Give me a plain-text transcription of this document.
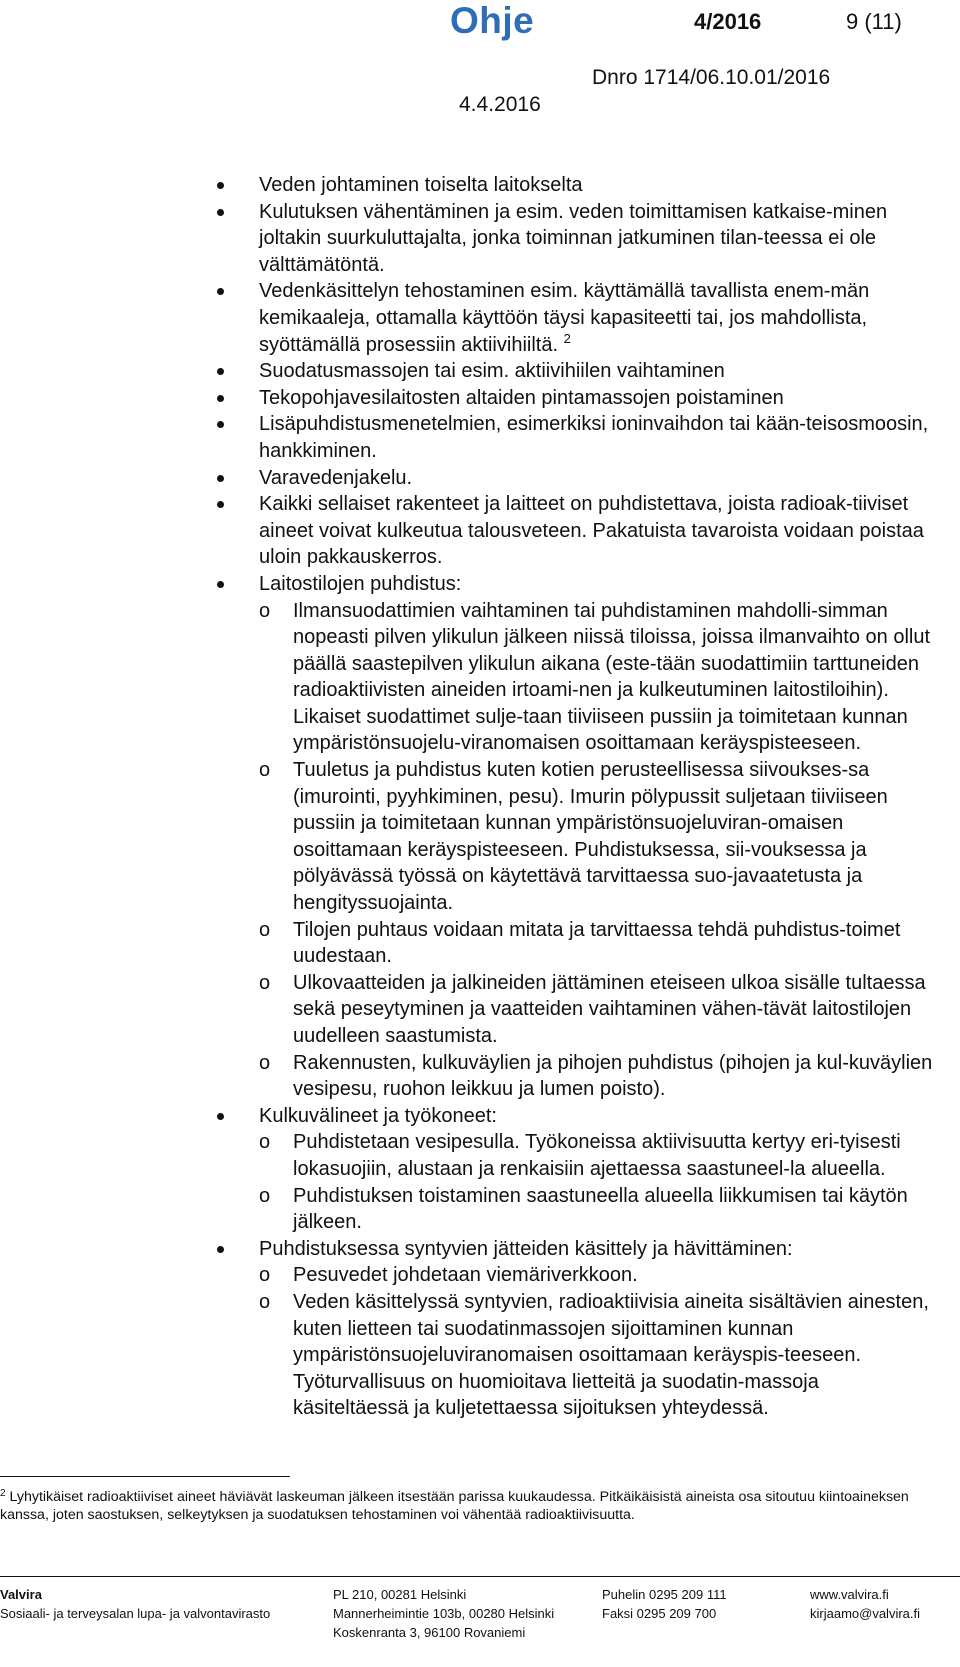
Ohje	4/2016	9 (11)
Dnro 1714/06.10.01/2016
4.4.2016
Veden johtaminen toiselta laitokselta
Kulutuksen vähentäminen ja esim. veden toimittamisen katkaise-minen joltakin suurkuluttajalta, jonka toiminnan jatkuminen tilan-teessa ei ole välttämätöntä.
Vedenkäsittelyn tehostaminen esim. käyttämällä tavallista enem-män kemikaaleja, ottamalla käyttöön täysi kapasiteetti tai, jos mahdollista, syöttämällä prosessiin aktiivihiiltä. $^2$
Suodatusmassojen tai esim. aktiivihiilen vaihtaminen
Tekopohjavesilaitosten altaiden pintamassojen poistaminen
Lisäpuhdistusmenetelmien, esimerkiksi ioninvaihdon tai kään-teisosmoosin, hankkiminen.
Varavedenjakelu.
Kaikki sellaiset rakenteet ja laitteet on puhdistettava, joista radioak-tiiviset aineet voivat kulkeutua talousveteen. Pakatuista tavaroista voidaan poistaa uloin pakkauskerros.
Laitostilojen puhdistus:
o	Ilmansuodattimien vaihtaminen tai puhdistaminen mahdolli-simman nopeasti pilven ylikulun jälkeen niissä tiloissa, joissa ilmanvaihto on ollut päällä saastepilven ylikulun aikana (este-tään suodattimiin tarttuneiden radioaktiivisten aineiden irtoami-nen ja kulkeutuminen laitostiloihin). Likaiset suodattimet sulje-taan tiiviiseen pussiin ja toimitetaan kunnan ympäristönsuojelu-viranomaisen osoittamaan keräyspisteeseen.
o	Tuuletus ja puhdistus kuten kotien perusteellisessa siivoukses-sa (imurointi, pyyhkiminen, pesu). Imurin pölypussit suljetaan tiiviiseen pussiin ja toimitetaan kunnan ympäristönsuojeluviran-omaisen osoittamaan keräyspisteeseen. Puhdistuksessa, sii-vouksessa ja pölyävässä työssä on käytettävä tarvittaessa suo-javaatetusta ja hengityssuojainta.
o	Tilojen puhtaus voidaan mitata ja tarvittaessa tehdä puhdistus-toimet uudestaan.
o	Ulkovaatteiden ja jalkineiden jättäminen eteiseen ulkoa sisälle tultaessa sekä peseytyminen ja vaatteiden vaihtaminen vähen-tävät laitostilojen uudelleen saastumista.
o	Rakennusten, kulkuväylien ja pihojen puhdistus (pihojen ja kul-kuväylien vesipesu, ruohon leikkuu ja lumen poisto).
Kulkuvälineet ja työkoneet:
o	Puhdistetaan vesipesulla. Työkoneissa aktiivisuutta kertyy eri-tyisesti lokasuojiin, alustaan ja renkaisiin ajettaessa saastuneel-la alueella.
o	Puhdistuksen toistaminen saastuneella alueella liikkumisen tai käytön jälkeen.
Puhdistuksessa syntyvien jätteiden käsittely ja hävittäminen:
o	Pesuvedet johdetaan viemäriverkkoon.
o	Veden käsittelyssä syntyvien, radioaktiivisia aineita sisältävien ainesten, kuten lietteen tai suodatinmassojen sijoittaminen kunnan ympäristönsuojeluviranomaisen osoittamaan keräyspis-teeseen. Työturvallisuus on huomioitava lietteitä ja suodatin-massoja käsiteltäessä ja kuljetettaessa sijoituksen yhteydessä.
$^2$ Lyhytikäiset radioaktiiviset aineet häviävät laskeuman jälkeen itsestään parissa kuukaudessa. Pitkäikäisistä aineista osa sitoutuu kiintoaineksen kanssa, joten saostuksen, selkeytyksen ja suodatuksen tehostaminen voi vähentää radioaktiivisuutta.
Valvira
Sosiaali- ja terveysalan lupa- ja valvontavirasto
PL 210, 00281 Helsinki
Mannerheimintie 103b, 00280 Helsinki
Koskenranta 3, 96100 Rovaniemi
Puhelin 0295 209 111
Faksi 0295 209 700
www.valvira.fi
kirjaamo@valvira.fi
